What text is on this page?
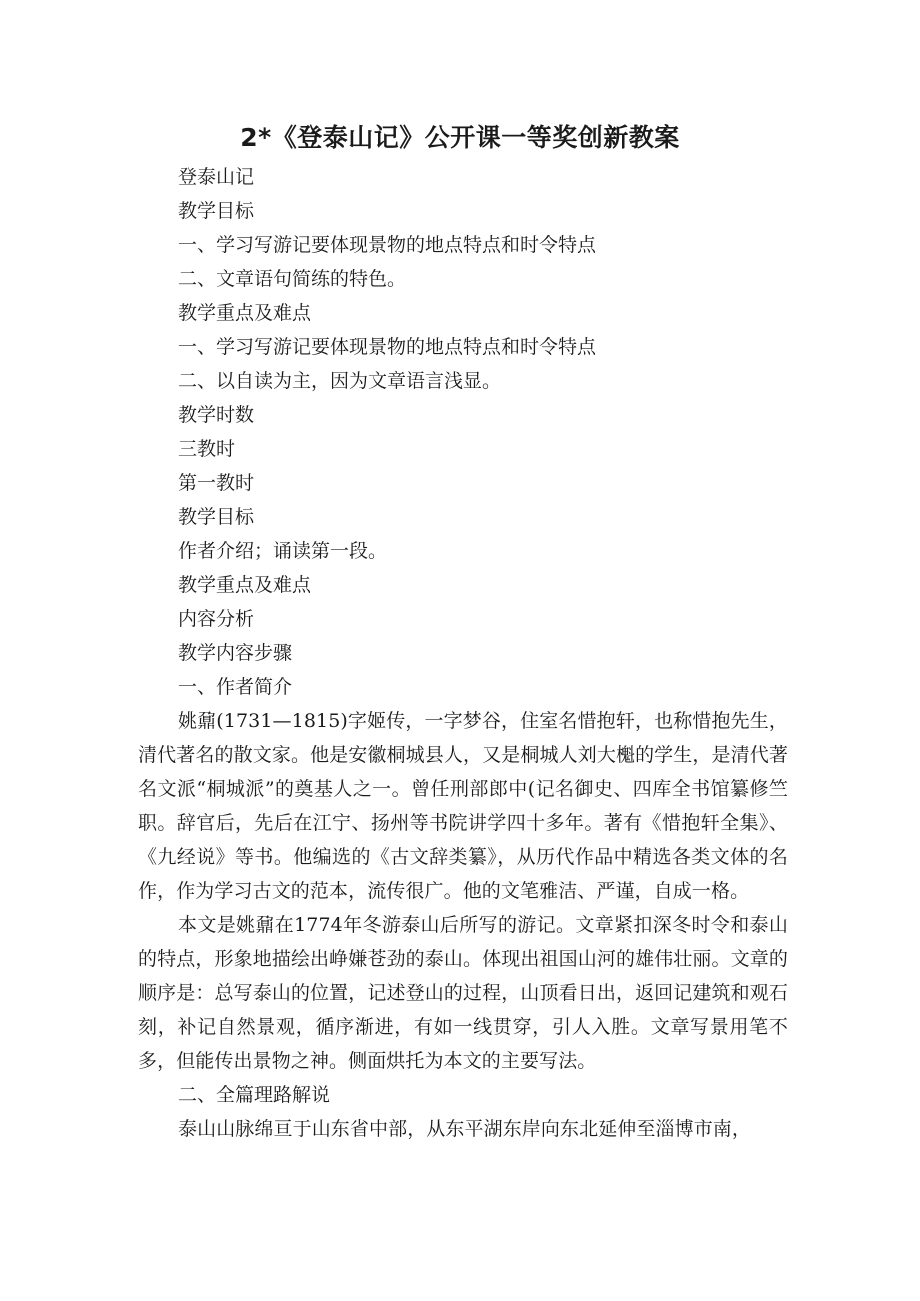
2*《登泰山记》公开课一等奖创新教案

登泰山记

教学目标

一、学习写游记要体现景物的地点特点和时令特点

二、文章语句简练的特色。

教学重点及难点

一、学习写游记要体现景物的地点特点和时令特点

二、以自读为主，因为文章语言浅显。

教学时数

三教时

第一教时

教学目标

作者介绍；诵读第一段。

教学重点及难点

内容分析

教学内容步骤

一、作者简介

姚鼐(1731—1815)字姬传，一字梦谷，住室名惜抱轩，也称惜抱先生，清代著名的散文家。他是安徽桐城县人，又是桐城人刘大櫆的学生，是清代著名文派“桐城派”的奠基人之一。曾任刑部郎中(记名御史、四库全书馆纂修竺职。辞官后，先后在江宁、扬州等书院讲学四十多年。著有《惜抱轩全集》、《九经说》等书。他编选的《古文辞类纂》，从历代作品中精选各类文体的名作，作为学习古文的范本，流传很广。他的文笔雅洁、严谨，自成一格。

本文是姚鼐在1774年冬游泰山后所写的游记。文章紧扣深冬时令和泰山的特点，形象地描绘出峥嫌苍劲的泰山。体现出祖国山河的雄伟壮丽。文章的顺序是：总写泰山的位置，记述登山的过程，山顶看日出，返回记建筑和观石刻，补记自然景观，循序渐进，有如一线贯穿，引人入胜。文章写景用笔不多，但能传出景物之神。侧面烘托为本文的主要写法。

二、全篇理路解说

泰山山脉绵亘于山东省中部，从东平湖东岸向东北延伸至淄博市南，
